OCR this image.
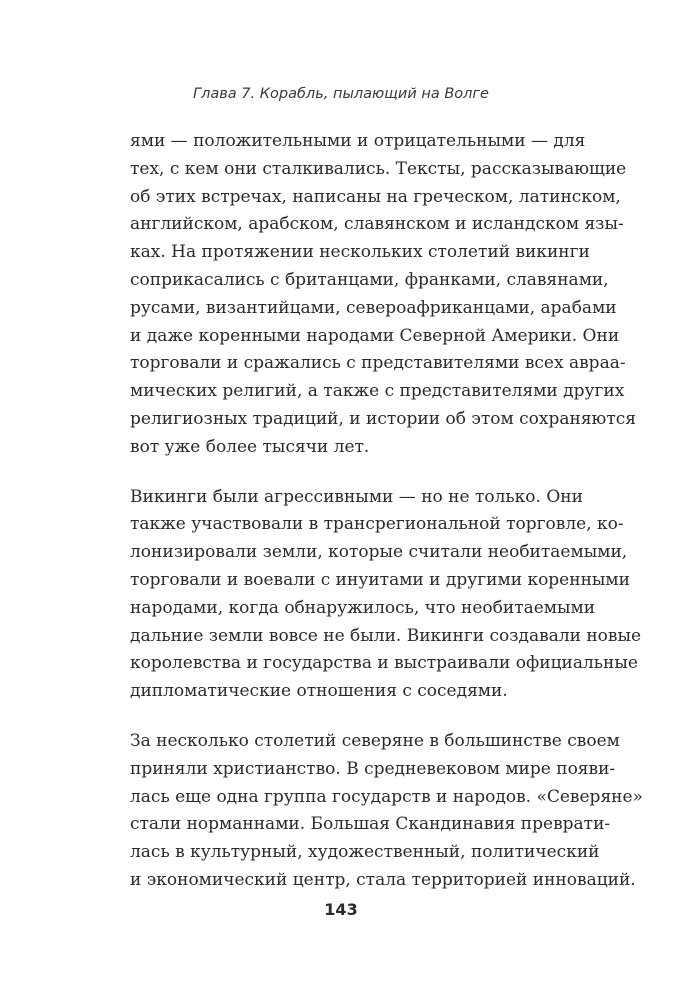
Глава 7. Корабль, пылающий на Волге
ями — положительными и отрицательными — для
тех, с кем они сталкивались. Тексты, рассказывающие
об этих встречах, написаны на греческом, латинском,
английском, арабском, славянском и исландском язы-
ках. На протяжении нескольких столетий викинги
соприкасались с британцами, франками, славянами,
русами, византийцами, североафриканцами, арабами
и даже коренными народами Северной Америки. Они
торговали и сражались с представителями всех авраа-
мических религий, а также с представителями других
религиозных традиций, и истории об этом сохраняются
вот уже более тысячи лет.
Викинги были агрессивными — но не только. Они
также участвовали в трансрегиональной торговле, ко-
лонизировали земли, которые считали необитаемыми,
торговали и воевали с инуитами и другими коренными
народами, когда обнаружилось, что необитаемыми
дальние земли вовсе не были. Викинги создавали новые
королевства и государства и выстраивали официальные
дипломатические отношения с соседями.
За несколько столетий северяне в большинстве своем
приняли христианство. В средневековом мире появи-
лась еще одна группа государств и народов. «Северяне»
стали норманнами. Большая Скандинавия преврати-
лась в культурный, художественный, политический
и экономический центр, стала территорией инноваций.
143
